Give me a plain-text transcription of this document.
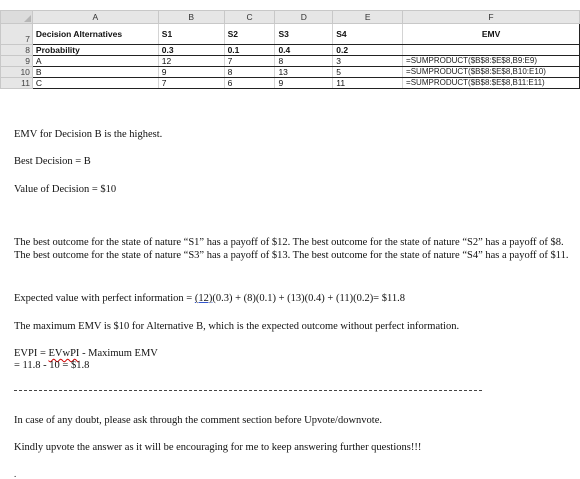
	A	B	C	D	E	F
7	Decision Alternatives	S1	S2	S3	S4	EMV
8	Probability	0.3	0.1	0.4	0.2	
9	A	12	7	8	3	=SUMPRODUCT($B$8:$E$8,B9:E9)
10	B	9	8	13	5	=SUMPRODUCT($B$8:$E$8,B10:E10)
11	C	7	6	9	11	=SUMPRODUCT($B$8:$E$8,B11:E11)

EMV for Decision B is the highest.

Best Decision = B

Value of Decision = $10

The best outcome for the state of nature “S1” has a payoff of $12. The best outcome for the state of nature “S2” has a payoff of $8. The best outcome for the state of nature “S3” has a payoff of $13. The best outcome for the state of nature “S4” has a payoff of $11.

Expected value with perfect information = (12)(0.3) + (8)(0.1) + (13)(0.4) + (11)(0.2)= $11.8

The maximum EMV is $10 for Alternative B, which is the expected outcome without perfect information.

EVPI = EVwPI - Maximum EMV

= 11.8 - 10 = $1.8

In case of any doubt, please ask through the comment section before Upvote/downvote.

Kindly upvote the answer as it will be encouraging for me to keep answering further questions!!!

.
